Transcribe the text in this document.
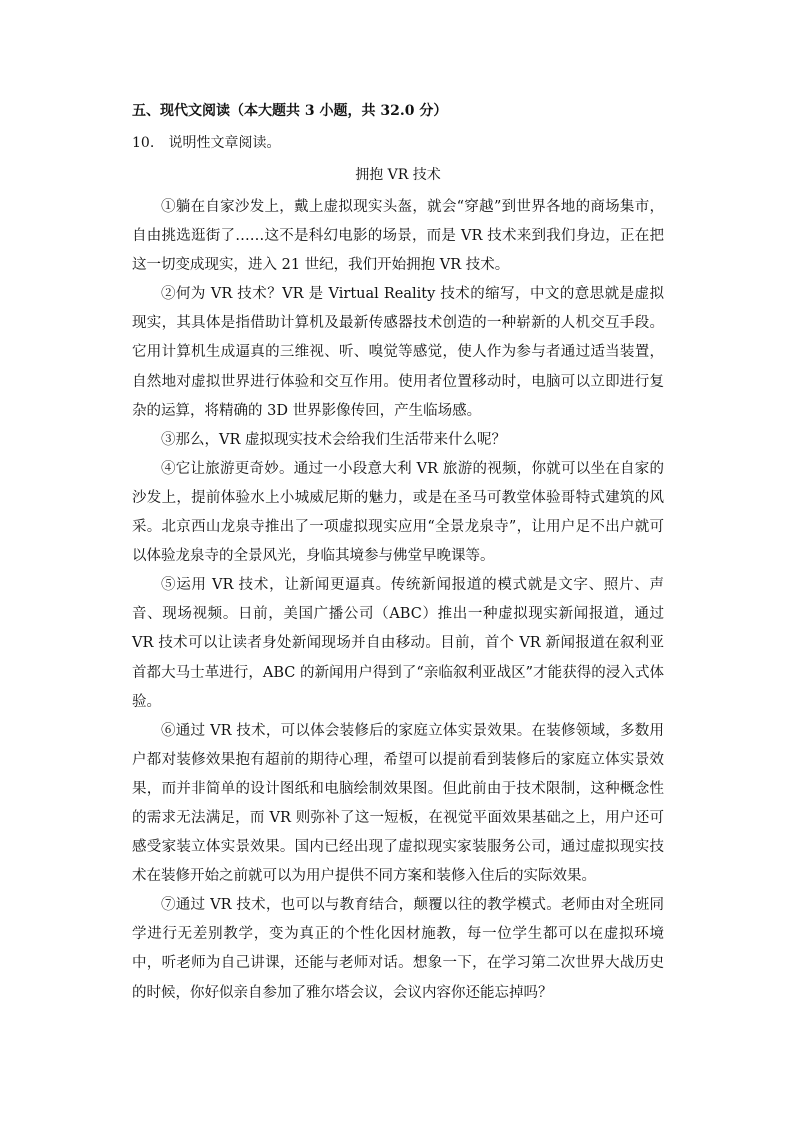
五、现代文阅读（本大题共 3 小题，共 32.0 分）
10. 说明性文章阅读。
拥抱 VR 技术

①躺在自家沙发上，戴上虚拟现实头盔，就会“穿越”到世界各地的商场集市，自由挑选逛街了……这不是科幻电影的场景，而是 VR 技术来到我们身边，正在把这一切变成现实，进入 21 世纪，我们开始拥抱 VR 技术。

②何为 VR 技术？VR 是 Virtual Reality 技术的缩写，中文的意思就是虚拟现实，其具体是指借助计算机及最新传感器技术创造的一种崭新的人机交互手段。它用计算机生成逼真的三维视、听、嗅觉等感觉，使人作为参与者通过适当装置，自然地对虚拟世界进行体验和交互作用。使用者位置移动时，电脑可以立即进行复杂的运算，将精确的 3D 世界影像传回，产生临场感。

③那么，VR 虚拟现实技术会给我们生活带来什么呢？

④它让旅游更奇妙。通过一小段意大利 VR 旅游的视频，你就可以坐在自家的沙发上，提前体验水上小城威尼斯的魅力，或是在圣马可教堂体验哥特式建筑的风采。北京西山龙泉寺推出了一项虚拟现实应用“全景龙泉寺”，让用户足不出户就可以体验龙泉寺的全景风光，身临其境参与佛堂早晚课等。

⑤运用 VR 技术，让新闻更逼真。传统新闻报道的模式就是文字、照片、声音、现场视频。日前，美国广播公司（ABC）推出一种虚拟现实新闻报道，通过 VR 技术可以让读者身处新闻现场并自由移动。目前，首个 VR 新闻报道在叙利亚首都大马士革进行，ABC 的新闻用户得到了“亲临叙利亚战区”才能获得的浸入式体验。

⑥通过 VR 技术，可以体会装修后的家庭立体实景效果。在装修领域，多数用户都对装修效果抱有超前的期待心理，希望可以提前看到装修后的家庭立体实景效果，而并非简单的设计图纸和电脑绘制效果图。但此前由于技术限制，这种概念性的需求无法满足，而 VR 则弥补了这一短板，在视觉平面效果基础之上，用户还可感受家装立体实景效果。国内已经出现了虚拟现实家装服务公司，通过虚拟现实技术在装修开始之前就可以为用户提供不同方案和装修入住后的实际效果。

⑦通过 VR 技术，也可以与教育结合，颠覆以往的教学模式。老师由对全班同学进行无差别教学，变为真正的个性化因材施教，每一位学生都可以在虚拟环境中，听老师为自己讲课，还能与老师对话。想象一下，在学习第二次世界大战历史的时候，你好似亲自参加了雅尔塔会议，会议内容你还能忘掉吗？
